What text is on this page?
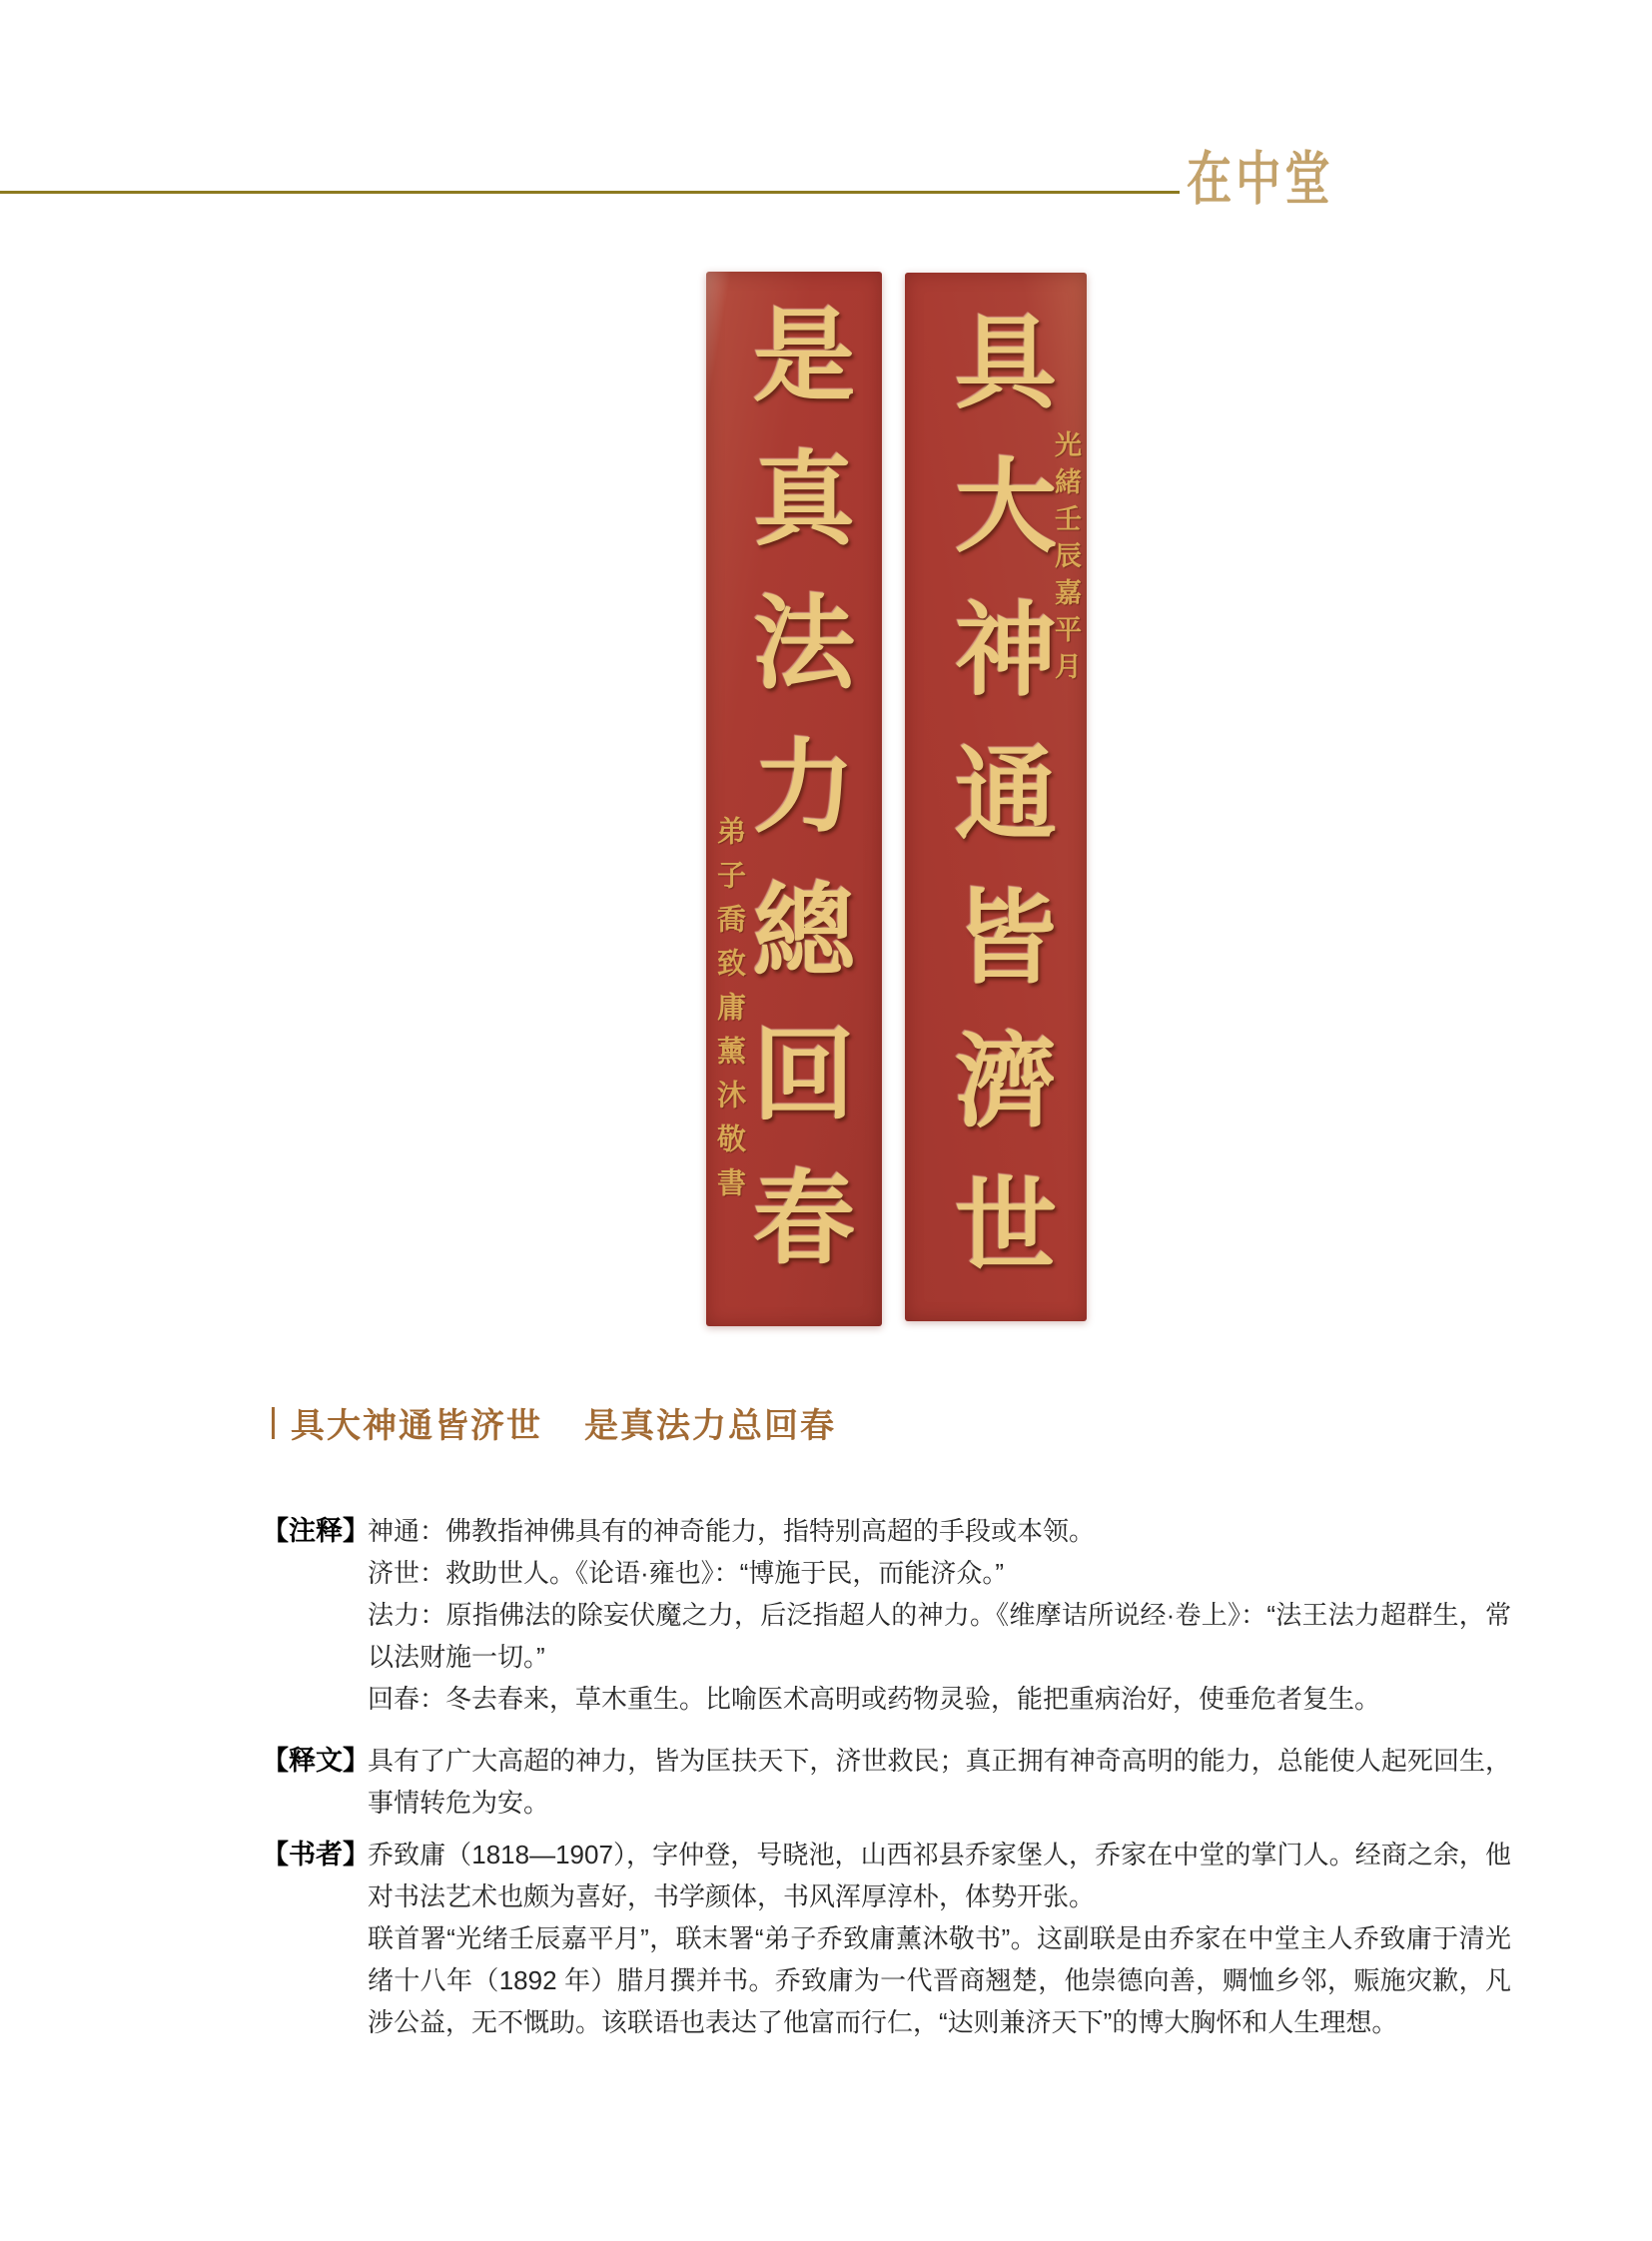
在中堂
是真法力總回春
弟子喬致庸薰沐敬書 具大神通皆濟世
光緒壬辰嘉平月
具大神通皆济世 是真法力总回春
【注释】

神通：佛教指神佛具有的神奇能力，指特别高超的手段或本领。

济世：救助世人。《论语·雍也》：“博施于民，而能济众。”

法力：原指佛法的除妄伏魔之力，后泛指超人的神力。《维摩诘所说经·卷上》：“法王法力超群生，常以法财施一切。”

回春：冬去春来，草木重生。比喻医术高明或药物灵验，能把重病治好，使垂危者复生。

【释文】

具有了广大高超的神力，皆为匡扶天下，济世救民；真正拥有神奇高明的能力，总能使人起死回生，事情转危为安。

【书者】

乔致庸（1818—1907），字仲登，号晓池，山西祁县乔家堡人，乔家在中堂的掌门人。经商之余，他对书法艺术也颇为喜好，书学颜体，书风浑厚淳朴，体势开张。

联首署“光绪壬辰嘉平月”，联末署“弟子乔致庸薰沐敬书”。这副联是由乔家在中堂主人乔致庸于清光绪十八年（1892 年）腊月撰并书。乔致庸为一代晋商翘楚，他崇德向善，赒恤乡邻，赈施灾歉，凡涉公益，无不慨助。该联语也表达了他富而行仁，“达则兼济天下”的博大胸怀和人生理想。
